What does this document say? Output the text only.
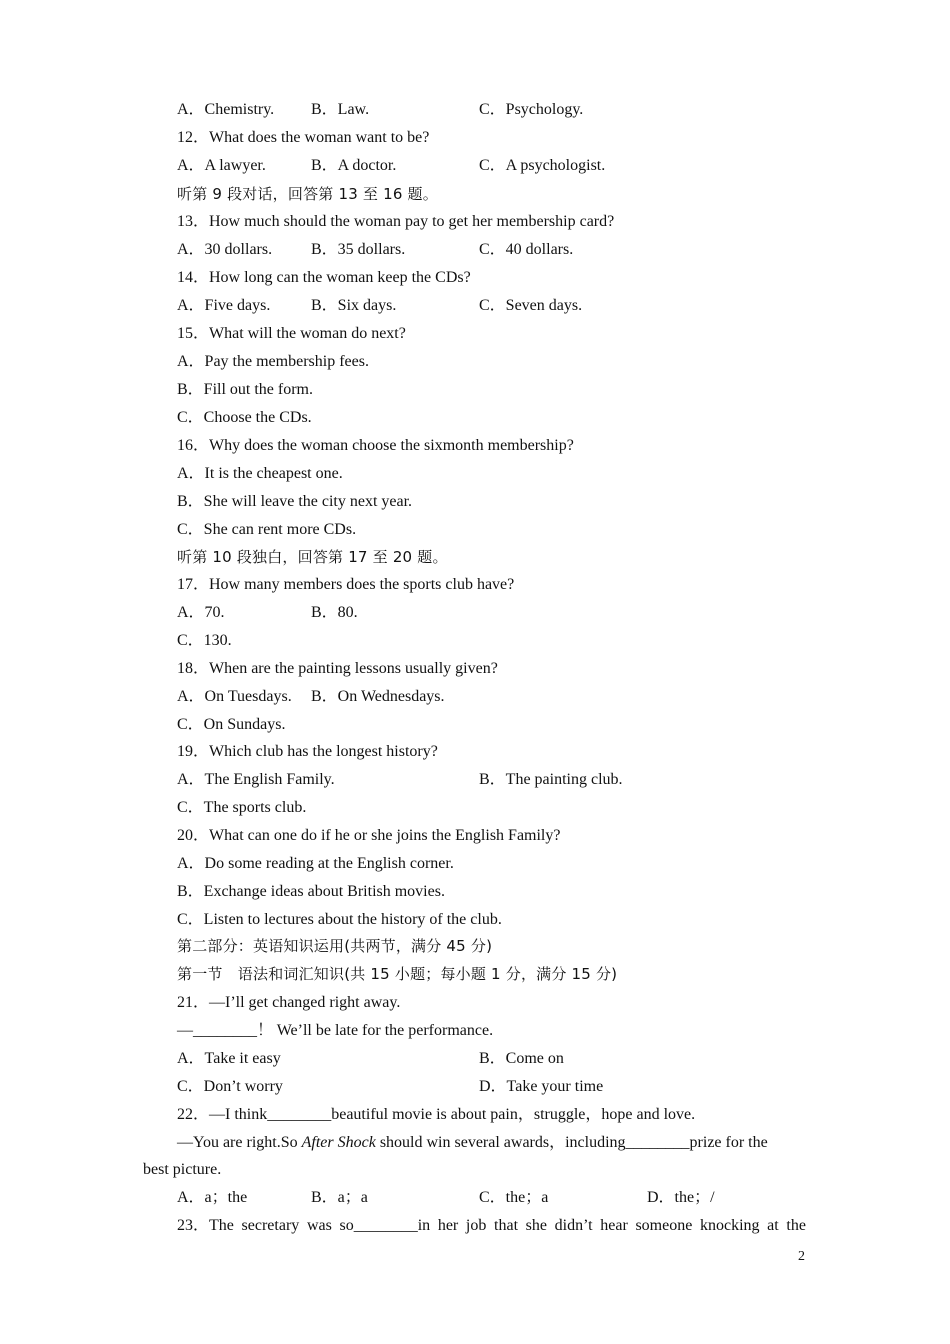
A．Chemistry. B．Law.	C．Psychology.
12．What does the woman want to be?
A．A lawyer.	B．A doctor.	C．A psychologist.
听第 9 段对话，回答第 13 至 16 题。
13．How much should the woman pay to get her membership card?
A．30 dollars. B．35 dollars.	C．40 dollars.
14．How long can the woman keep the CDs?
A．Five days.	B．Six days.	C．Seven days.
15．What will the woman do next?
A．Pay the membership fees.
B．Fill out the form.
C．Choose the CDs.
16．Why does the woman choose the sixmonth membership?
A．It is the cheapest one.
B．She will leave the city next year.
C．She can rent more CDs.
听第 10 段独白，回答第 17 至 20 题。
17．How many members does the sports club have?
A．70.	B．80.
C．130.
18．When are the painting lessons usually given?
A．On Tuesdays. B．On Wednesdays.
C．On Sundays.
19．Which club has the longest history?
A．The English Family.	B．The painting club.
C．The sports club.
20．What can one do if he or she joins the English Family?
A．Do some reading at the English corner.
B．Exchange ideas about British movies.
C．Listen to lectures about the history of the club.
第二部分：英语知识运用(共两节，满分 45 分)
第一节　语法和词汇知识(共 15 小题；每小题 1 分，满分 15 分)
21．—I’ll get changed right away.
—________！ We’ll be late for the performance.
A．Take it easy	B．Come on
C．Don’t worry	D．Take your time
22．—I think________beautiful movie is about pain，struggle，hope and love.
—You are right.So After Shock should win several awards，including________prize for the
best picture.
A．a；the	B．a；a	C．the；a	D．the；/
23．The secretary was so________in her job that she didn’t hear someone knocking at the
2
